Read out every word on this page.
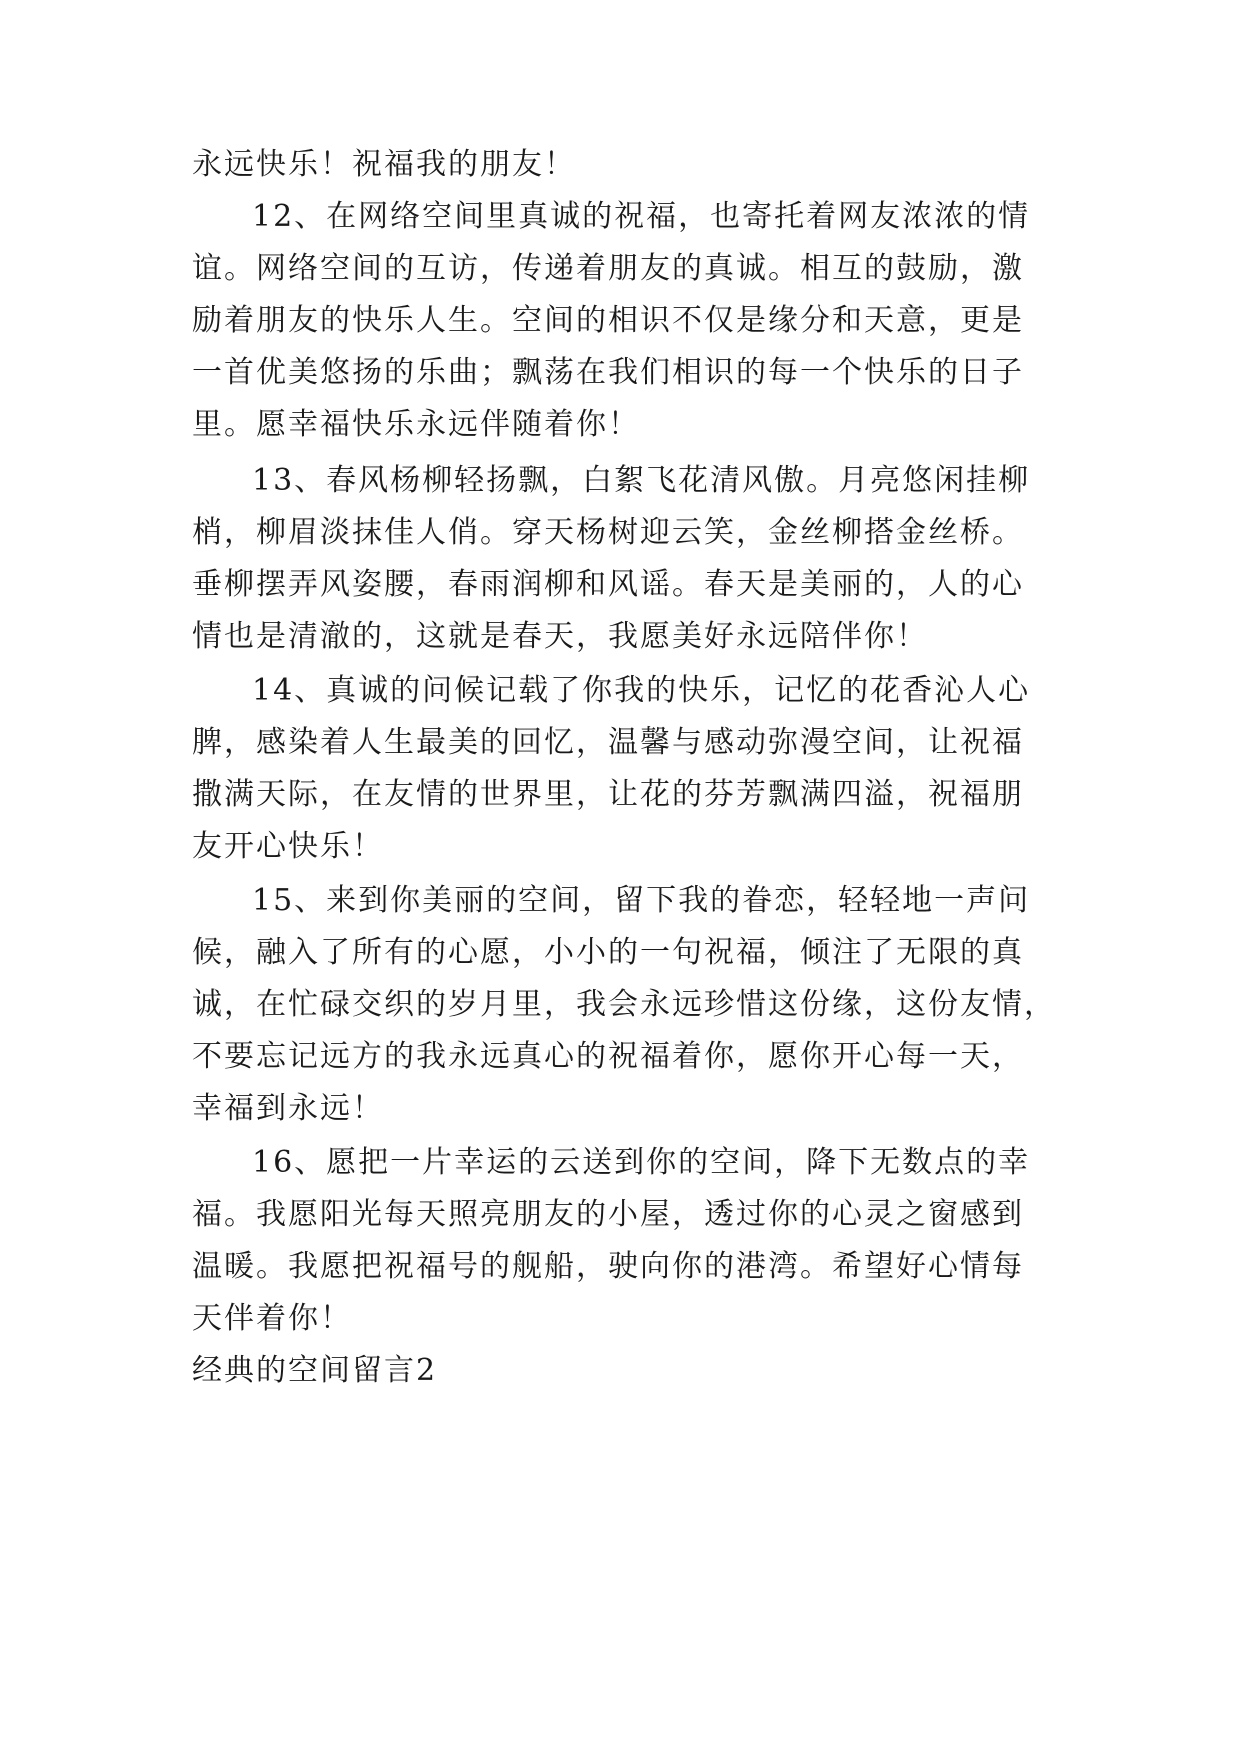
永远快乐！祝福我的朋友！
12、在网络空间里真诚的祝福，也寄托着网友浓浓的情
谊。网络空间的互访，传递着朋友的真诚。相互的鼓励，激
励着朋友的快乐人生。空间的相识不仅是缘分和天意，更是
一首优美悠扬的乐曲；飘荡在我们相识的每一个快乐的日子
里。愿幸福快乐永远伴随着你！
13、春风杨柳轻扬飘，白絮飞花清风傲。月亮悠闲挂柳
梢，柳眉淡抹佳人俏。穿天杨树迎云笑，金丝柳搭金丝桥。
垂柳摆弄风姿腰，春雨润柳和风谣。春天是美丽的，人的心
情也是清澈的，这就是春天，我愿美好永远陪伴你！
14、真诚的问候记载了你我的快乐，记忆的花香沁人心
脾，感染着人生最美的回忆，温馨与感动弥漫空间，让祝福
撒满天际，在友情的世界里，让花的芬芳飘满四溢，祝福朋
友开心快乐！
15、来到你美丽的空间，留下我的眷恋，轻轻地一声问
候，融入了所有的心愿，小小的一句祝福，倾注了无限的真
诚，在忙碌交织的岁月里，我会永远珍惜这份缘，这份友情，
不要忘记远方的我永远真心的祝福着你，愿你开心每一天，
幸福到永远！
16、愿把一片幸运的云送到你的空间，降下无数点的幸
福。我愿阳光每天照亮朋友的小屋，透过你的心灵之窗感到
温暖。我愿把祝福号的舰船，驶向你的港湾。希望好心情每
天伴着你！
经典的空间留言2
